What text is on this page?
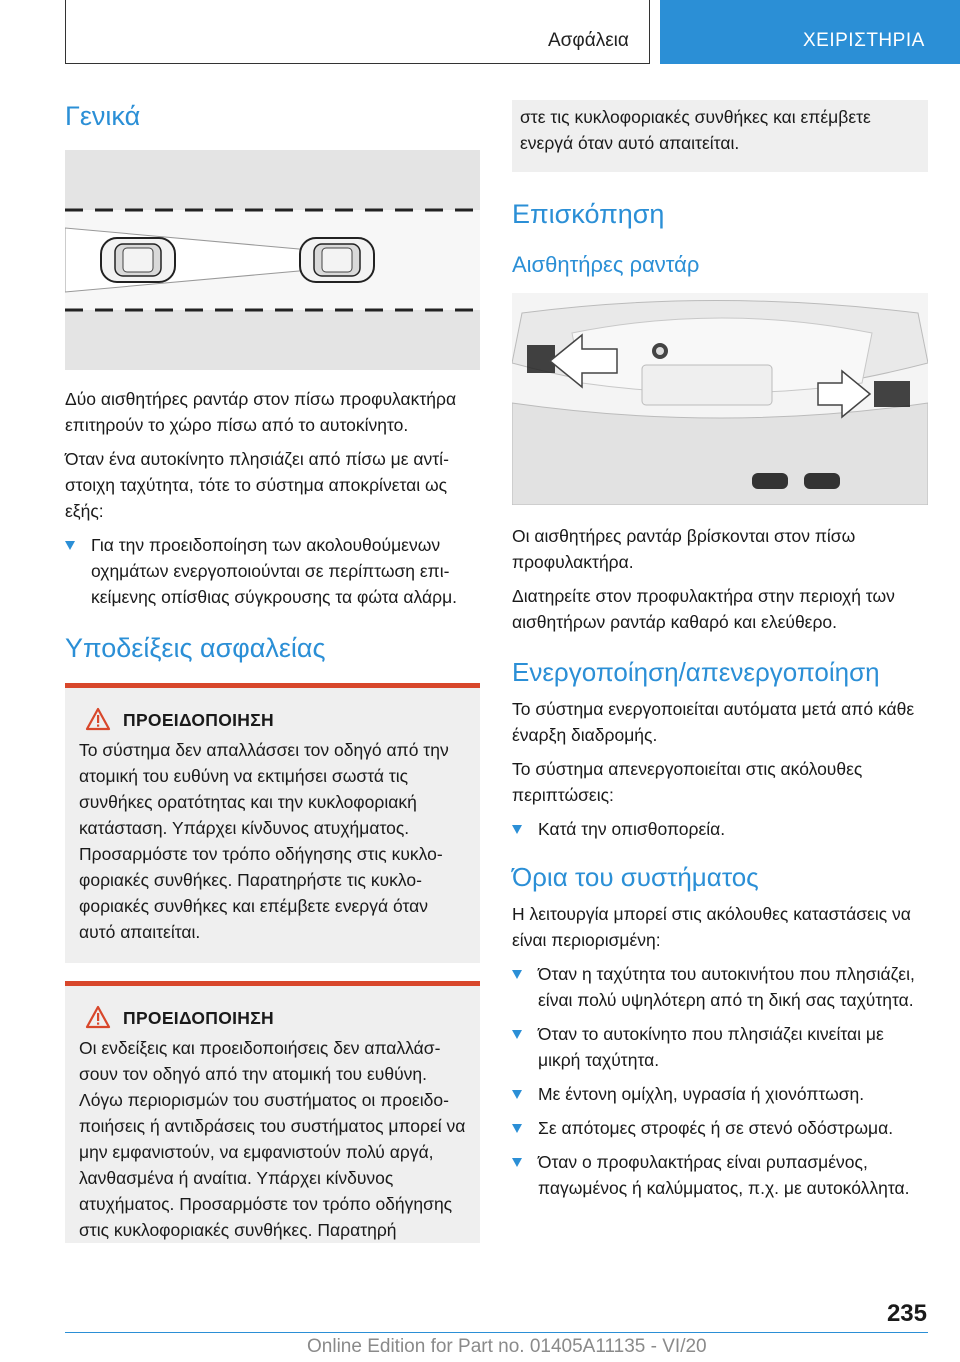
Ασφάλεια	ΧΕΙΡΙΣΤΗΡΙΑ
Γενικά

Δύο αισθητήρες ραντάρ στον πίσω προφυλακτήρα επιτηρούν το χώρο πίσω από το αυτοκίνητο.

Όταν ένα αυτοκίνητο πλησιάζει από πίσω με αντίστοιχη ταχύτητα, τότε το σύστημα αποκρίνεται ως εξής:

Για την προειδοποίηση των ακολουθούμενων οχημάτων ενεργοποιούνται σε περίπτωση επικείμενης οπίσθιας σύγκρουσης τα φώτα αλάρμ.
Υποδείξεις ασφαλείας
ΠΡΟΕΙΔΟΠΟΙΗΣΗ

Το σύστημα δεν απαλλάσσει τον οδηγό από την ατομική του ευθύνη να εκτιμήσει σωστά τις συνθήκες ορατότητας και την κυκλοφοριακή κατάσταση. Υπάρχει κίνδυνος ατυχήματος. Προσαρμόστε τον τρόπο οδήγησης στις κυκλοφοριακές συνθήκες. Παρατηρήστε τις κυκλοφοριακές συνθήκες και επέμβετε ενεργά όταν αυτό απαιτείται.

ΠΡΟΕΙΔΟΠΟΙΗΣΗ

Οι ενδείξεις και προειδοποιήσεις δεν απαλλάσσουν τον οδηγό από την ατομική του ευθύνη. Λόγω περιορισμών του συστήματος οι προειδοποιήσεις ή αντιδράσεις του συστήματος μπορεί να μην εμφανιστούν, να εμφανιστούν πολύ αργά, λανθασμένα ή αναίτια. Υπάρχει κίνδυνος ατυχήματος. Προσαρμόστε τον τρόπο οδήγησης στις κυκλοφοριακές συνθήκες. Παρατηρή

στε τις κυκλοφοριακές συνθήκες και επέμβετε ενεργά όταν αυτό απαιτείται.

Επισκόπηση
Αισθητήρες ραντάρ

Οι αισθητήρες ραντάρ βρίσκονται στον πίσω προφυλακτήρα.

Διατηρείτε στον προφυλακτήρα στην περιοχή των αισθητήρων ραντάρ καθαρό και ελεύθερο.

Ενεργοποίηση/απενεργοποίηση

Το σύστημα ενεργοποιείται αυτόματα μετά από κάθε έναρξη διαδρομής.

Το σύστημα απενεργοποιείται στις ακόλουθες περιπτώσεις:

Κατά την οπισθοπορεία.
Όρια του συστήματος

Η λειτουργία μπορεί στις ακόλουθες καταστάσεις να είναι περιορισμένη:

Όταν η ταχύτητα του αυτοκινήτου που πλησιάζει, είναι πολύ υψηλότερη από τη δική σας ταχύτητα.
Όταν το αυτοκίνητο που πλησιάζει κινείται με μικρή ταχύτητα.
Με έντονη ομίχλη, υγρασία ή χιονόπτωση.
Σε απότομες στροφές ή σε στενό οδόστρωμα.
Όταν ο προφυλακτήρας είναι ρυπασμένος, παγωμένος ή καλύμματος, π.χ. με αυτοκόλλητα.
235
Online Edition for Part no. 01405A11135 - VI/20
